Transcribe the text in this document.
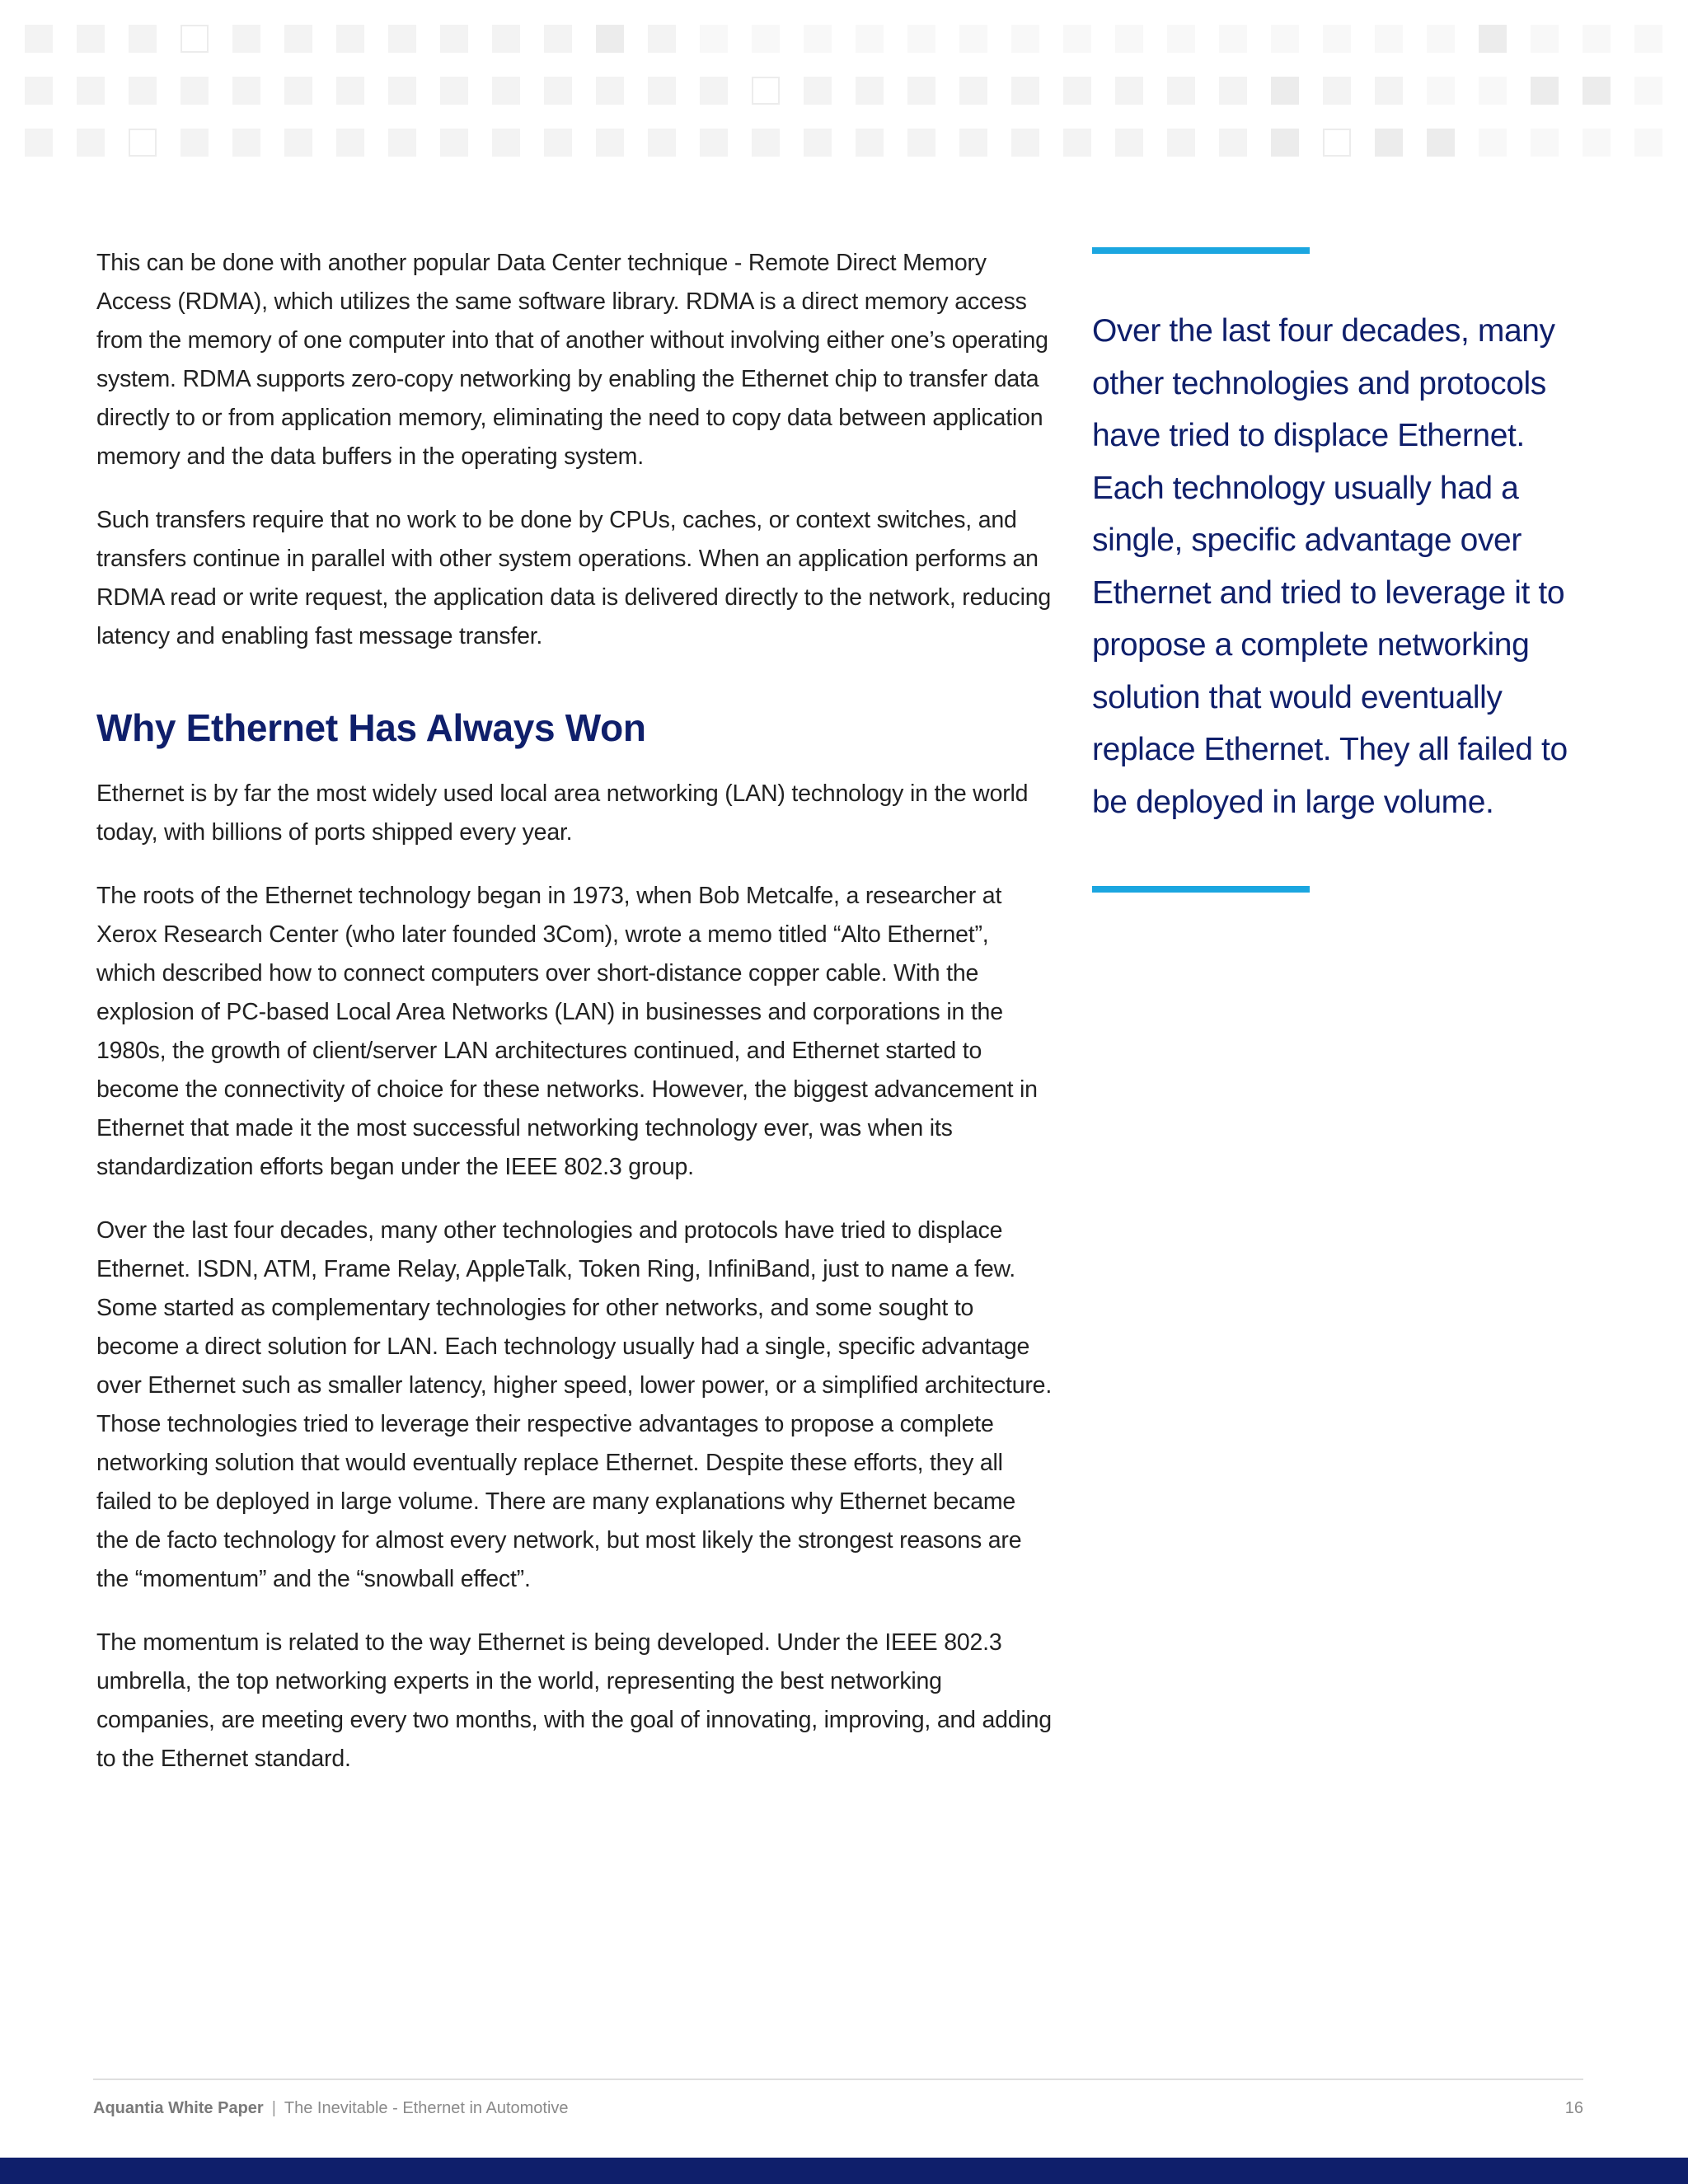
This can be done with another popular Data Center technique - Remote Direct Memory Access (RDMA), which utilizes the same software library. RDMA is a direct memory access from the memory of one computer into that of another without involving either one’s operating system. RDMA supports zero-copy networking by enabling the Ethernet chip to transfer data directly to or from application memory, eliminating the need to copy data between application memory and the data buffers in the operating system.

Such transfers require that no work to be done by CPUs, caches, or context switches, and transfers continue in parallel with other system operations. When an application performs an RDMA read or write request, the application data is delivered directly to the network, reducing latency and enabling fast message transfer.

Why Ethernet Has Always Won

Ethernet is by far the most widely used local area networking (LAN) technology in the world today, with billions of ports shipped every year.

The roots of the Ethernet technology began in 1973, when Bob Metcalfe, a researcher at Xerox Research Center (who later founded 3Com), wrote a memo titled “Alto Ethernet”, which described how to connect computers over short-distance copper cable. With the explosion of PC-based Local Area Networks (LAN) in businesses and corporations in the 1980s, the growth of client/server LAN architectures continued, and Ethernet started to become the connectivity of choice for these networks. However, the biggest advancement in Ethernet that made it the most successful networking technology ever, was when its standardization efforts began under the IEEE 802.3 group.

Over the last four decades, many other technologies and protocols have tried to displace Ethernet. ISDN, ATM, Frame Relay, AppleTalk, Token Ring, InfiniBand, just to name a few. Some started as complementary technologies for other networks, and some sought to become a direct solution for LAN. Each technology usually had a single, specific advantage over Ethernet such as smaller latency, higher speed, lower power, or a simplified architecture. Those technologies tried to leverage their respective advantages to propose a complete networking solution that would eventually replace Ethernet. Despite these efforts, they all failed to be deployed in large volume. There are many explanations why Ethernet became the de facto technology for almost every network, but most likely the strongest reasons are the “momentum” and the “snowball effect”.

The momentum is related to the way Ethernet is being developed. Under the IEEE 802.3 umbrella, the top networking experts in the world, representing the best networking companies, are meeting every two months, with the goal of innovating, improving, and adding to the Ethernet standard.

Over the last four decades, many other technologies and protocols have tried to displace Ethernet. Each technology usually had a single, specific advantage over Ethernet and tried to leverage it to propose a complete networking solution that would eventually replace Ethernet. They all failed to be deployed in large volume.
Aquantia White Paper | The Inevitable - Ethernet in Automotive	16
